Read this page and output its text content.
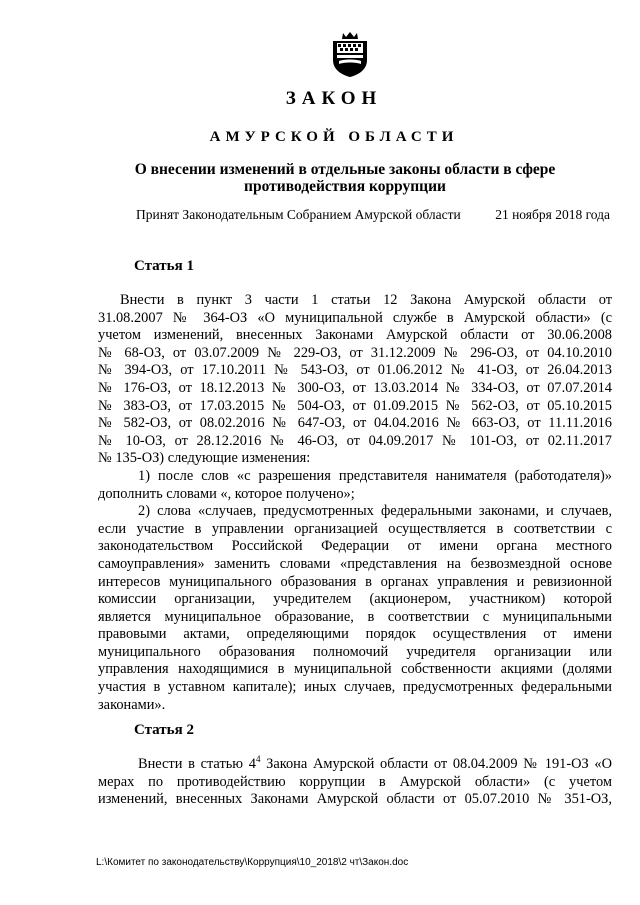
ЗАКОН
АМУРСКОЙ ОБЛАСТИ
О внесении изменений в отдельные законы области в сфере
противодействия коррупции
Принят Законодательным Собранием Амурской области	21 ноября 2018 года
Статья 1
Внести в пункт 3 части 1 статьи 12 Закона Амурской области от
31.08.2007 № 364-ОЗ «О муниципальной службе в Амурской области» (с
учетом изменений, внесенных Законами Амурской области от 30.06.2008
№ 68-ОЗ, от 03.07.2009 № 229-ОЗ, от 31.12.2009 № 296-ОЗ, от 04.10.2010
№ 394-ОЗ, от 17.10.2011 № 543-ОЗ, от 01.06.2012 № 41-ОЗ, от 26.04.2013
№ 176-ОЗ, от 18.12.2013 № 300-ОЗ, от 13.03.2014 № 334-ОЗ, от 07.07.2014
№ 383-ОЗ, от 17.03.2015 № 504-ОЗ, от 01.09.2015 № 562-ОЗ, от 05.10.2015
№ 582-ОЗ, от 08.02.2016 № 647-ОЗ, от 04.04.2016 № 663-ОЗ, от 11.11.2016
№ 10-ОЗ, от 28.12.2016 № 46-ОЗ, от 04.09.2017 № 101-ОЗ, от 02.11.2017
№ 135-ОЗ) следующие изменения:
1) после слов «с разрешения представителя нанимателя (работодателя)»
дополнить словами «, которое получено»;
2) слова «случаев, предусмотренных федеральными законами, и случаев,
если участие в управлении организацией осуществляется в соответствии с
законодательством Российской Федерации от имени органа местного
самоуправления» заменить словами «представления на безвозмездной основе
интересов муниципального образования в органах управления и ревизионной
комиссии организации, учредителем (акционером, участником) которой
является муниципальное образование, в соответствии с муниципальными
правовыми актами, определяющими порядок осуществления от имени
муниципального образования полномочий учредителя организации или
управления находящимися в муниципальной собственности акциями (долями
участия в уставном капитале); иных случаев, предусмотренных федеральными
законами».
Статья 2
Внести в статью $4^4$ Закона Амурской области от 08.04.2009 № 191-ОЗ «О
мерах по противодействию коррупции в Амурской области» (с учетом
изменений, внесенных Законами Амурской области от 05.07.2010 № 351-ОЗ,
L:\Комитет по законодательству\Коррупция\10_2018\2 чт\Закон.doc
